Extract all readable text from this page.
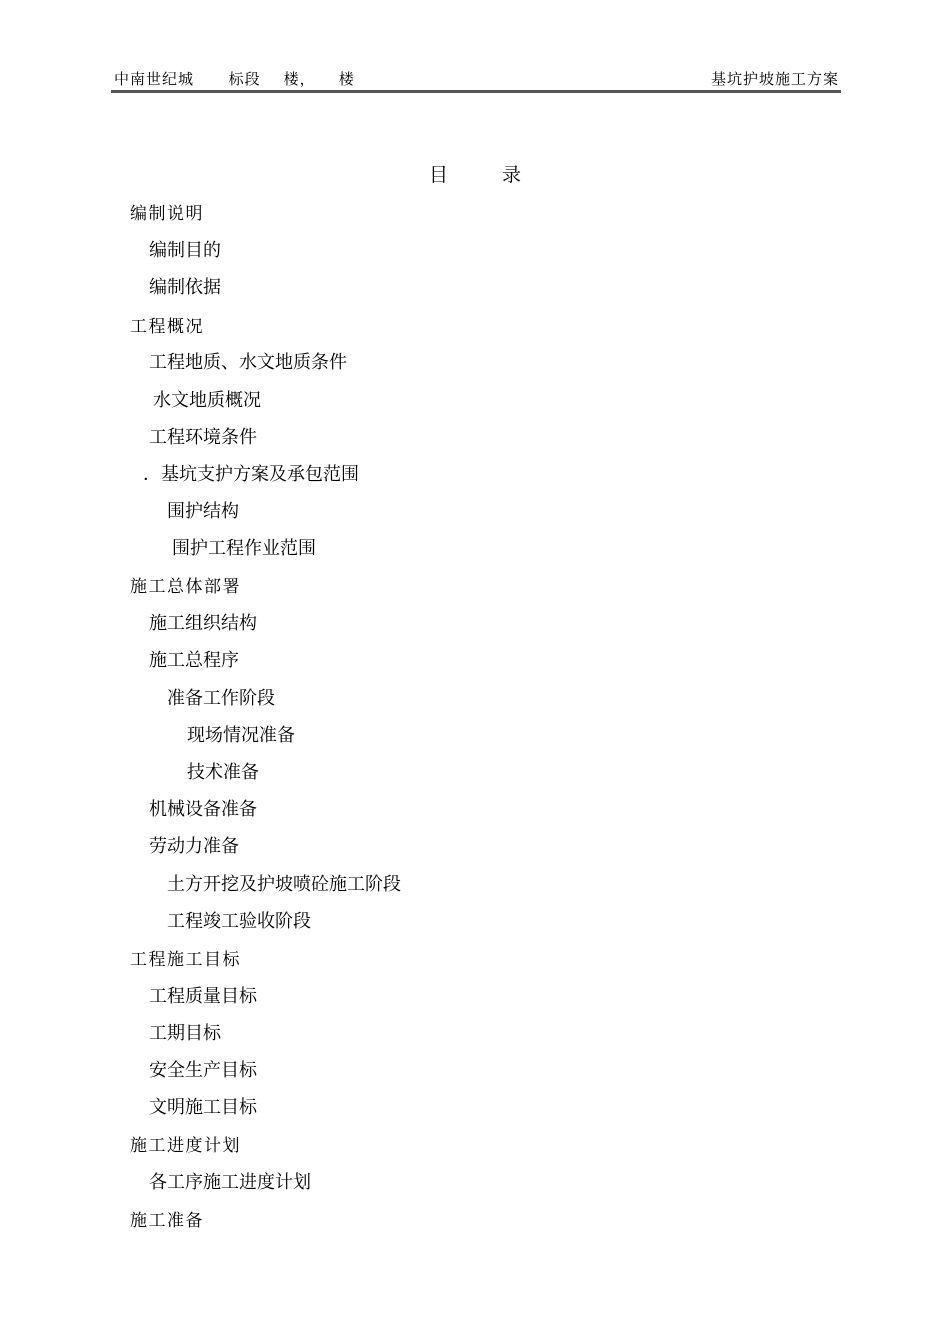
中南世纪城      标段    楼，    楼	基坑护坡施工方案
目录
编制说明
编制目的
编制依据
工程概况
工程地质、水文地质条件
水文地质概况
工程环境条件
．基坑支护方案及承包范围
围护结构
围护工程作业范围
施工总体部署
施工组织结构
施工总程序
准备工作阶段
现场情况准备
技术准备
机械设备准备
劳动力准备
土方开挖及护坡喷砼施工阶段
工程竣工验收阶段
工程施工目标
工程质量目标
工期目标
安全生产目标
文明施工目标
施工进度计划
各工序施工进度计划
施工准备
